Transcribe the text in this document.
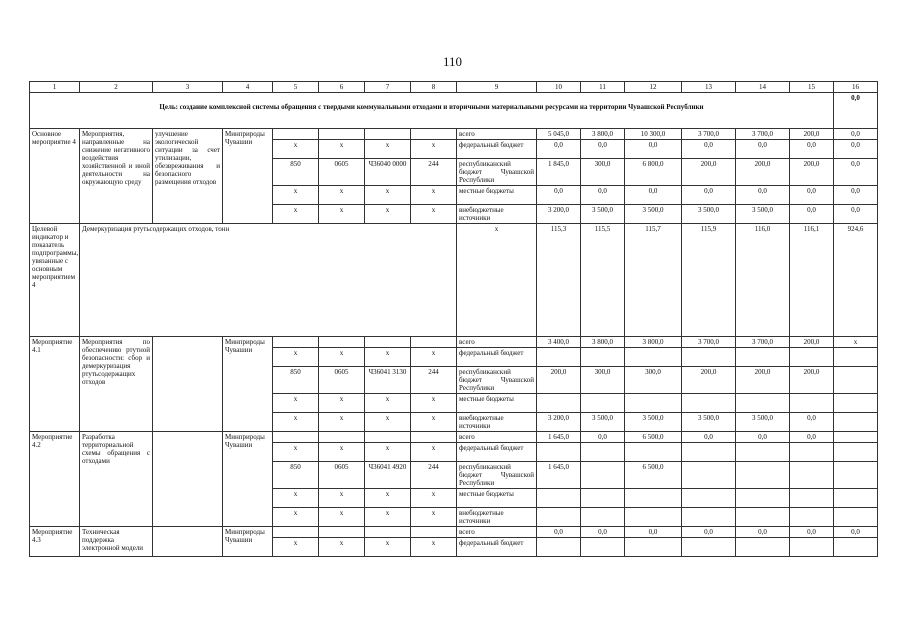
110
1	2	3	4	5	6	7	8	9	10	11	12	13	14	15	16
Цель: создание комплексной системы обращения с твердыми коммунальными отходами и вторичными материальными ресурсами на территории Чувашской Республики															0,0
Основное мероприятие 4	Мероприятия, направленные на снижение негативного воздействия хозяйственной и иной деятельности на окружающую среду	улучшение экологической ситуации за счет утилизации, обезвреживания и безопасного размещения отходов	Минприроды Чувашии					всего	5 045,0	3 800,0	10 300,0	3 700,0	3 700,0	200,0	0,0
				x	x	x	x	федеральный бюджет	0,0	0,0	0,0	0,0	0,0	0,0	0,0
				850	0605	Ч36040 0000	244	республиканский бюджет Чувашской Республики	1 845,0	300,0	6 800,0	200,0	200,0	200,0	0,0
				x	x	x	x	местные бюджеты	0,0	0,0	0,0	0,0	0,0	0,0	0,0
				x	x	x	x	внебюджетные источники	3 200,0	3 500,0	3 500,0	3 500,0	3 500,0	0,0	0,0
Целевой индикатор и показатель подпрограммы, увязанные с основным мероприятием 4	Демеркуризация ртутьсодержащих отходов, тонн							x	115,3	115,5	115,7	115,9	116,0	116,1	924,6
Мероприятие 4.1	Мероприятия по обеспечению ртутной безопасности: сбор и демеркуризация ртутьсодержащих отходов		Минприроды Чувашии					всего	3 400,0	3 800,0	3 800,0	3 700,0	3 700,0	200,0	x
				x	x	x	x	федеральный бюджет							
				850	0605	Ч36041 3130	244	республиканский бюджет Чувашской Республики	200,0	300,0	300,0	200,0	200,0	200,0	
				x	x	x	x	местные бюджеты							
				x	x	x	x	внебюджетные источники	3 200,0	3 500,0	3 500,0	3 500,0	3 500,0	0,0	
Мероприятие 4.2	Разработка территориальной схемы обращения с отходами		Минприроды Чувашии					всего	1 645,0	0,0	6 500,0	0,0	0,0	0,0	
				x	x	x	x	федеральный бюджет							
				850	0605	Ч36041 4920	244	республиканский бюджет Чувашской Республики	1 645,0		6 500,0				
				x	x	x	x	местные бюджеты							
				x	x	x	x	внебюджетные источники							
Мероприятие 4.3	Техническая поддержка электронной модели		Минприроды Чувашии					всего	0,0	0,0	0,0	0,0	0,0	0,0	0,0
				x	x	x	x	федеральный бюджет							
